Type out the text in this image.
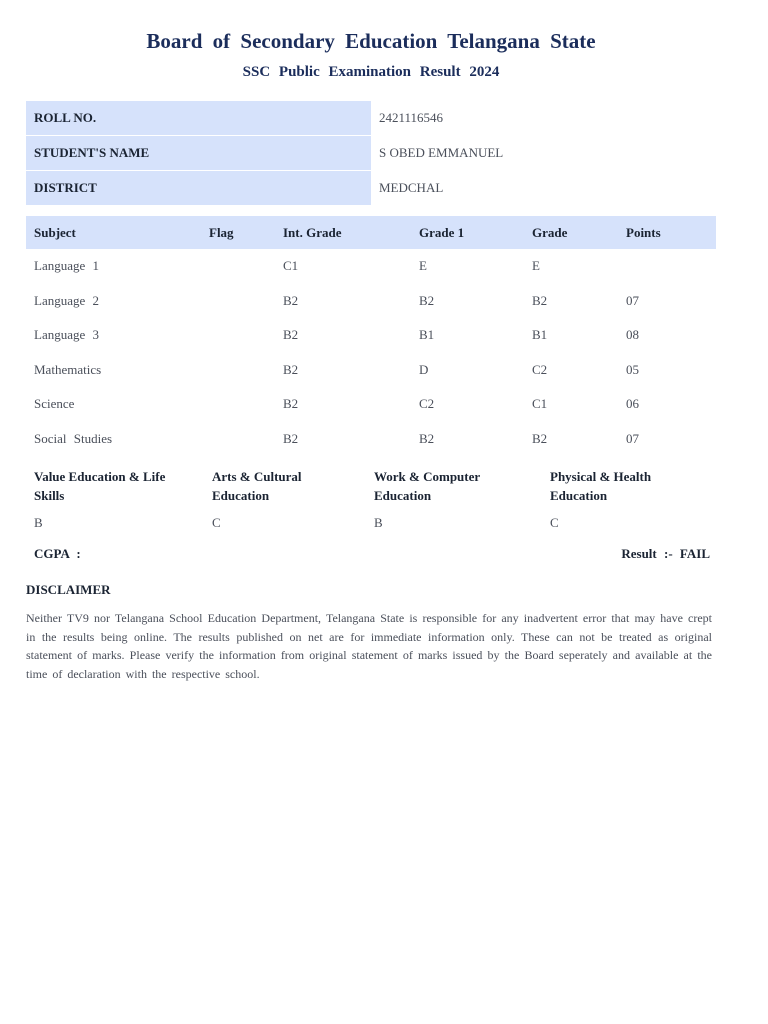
Board of Secondary Education Telangana State
SSC Public Examination Result 2024
ROLL NO.	2421116546
STUDENT'S NAME	S OBED EMMANUEL
DISTRICT	MEDCHAL
Subject	Flag	Int. Grade	Grade 1	Grade	Points
Language 1		C1	E	E	
Language 2		B2	B2	B2	07
Language 3		B2	B1	B1	08
Mathematics		B2	D	C2	05
Science		B2	C2	C1	06
Social Studies		B2	B2	B2	07
Value Education & Life Skills	Arts & Cultural Education	Work & Computer Education	Physical & Health Education
B	C	B	C
CGPA :	Result :- FAIL
DISCLAIMER
Neither TV9 nor Telangana School Education Department, Telangana State is responsible for any inadvertent error that may have crept in the results being online. The results published on net are for immediate information only. These can not be treated as original statement of marks. Please verify the information from original statement of marks issued by the Board seperately and available at the time of declaration with the respective school.
